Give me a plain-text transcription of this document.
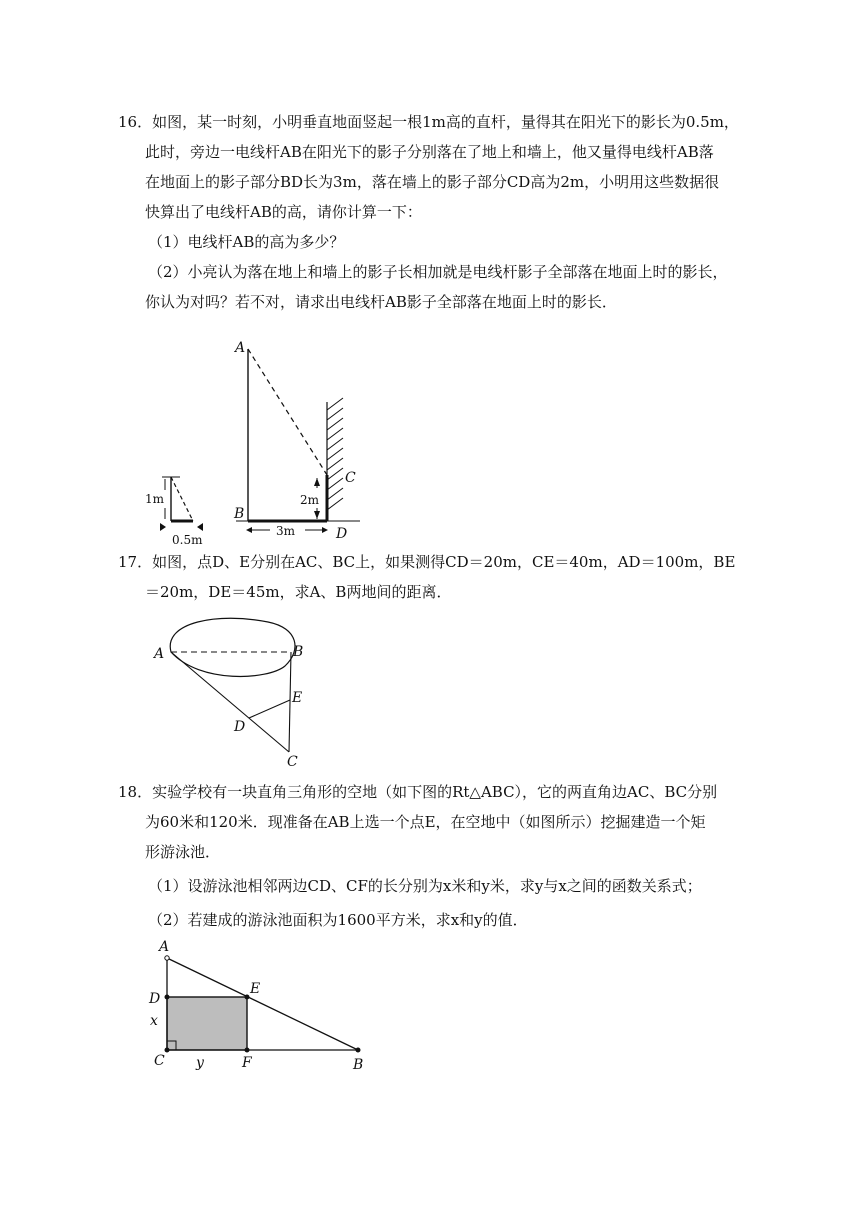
16．如图，某一时刻，小明垂直地面竖起一根1m高的直杆，量得其在阳光下的影长为0.5m，
此时，旁边一电线杆AB在阳光下的影子分别落在了地上和墙上，他又量得电线杆AB落
在地面上的影子部分BD长为3m，落在墙上的影子部分CD高为2m，小明用这些数据很
快算出了电线杆AB的高，请你计算一下：
（1）电线杆AB的高为多少？
（2）小亮认为落在地上和墙上的影子长相加就是电线杆影子全部落在地面上时的影长，
你认为对吗？若不对，请求出电线杆AB影子全部落在地面上时的影长．
1m
0.5m
2m
3m
A
B
C
D
17．如图，点D、E分别在AC、BC上，如果测得CD＝20m，CE＝40m，AD＝100m，BE
＝20m，DE＝45m，求A、B两地间的距离．
A	B
C
D
E
18．实验学校有一块直角三角形的空地（如下图的Rt△ABC），它的两直角边AC、BC分别
为60米和120米．现准备在AB上选一个点E，在空地中（如图所示）挖掘建造一个矩
形游泳池．
（1）设游泳池相邻两边CD、CF的长分别为x米和y米，求y与x之间的函数关系式；
（2）若建成的游泳池面积为1600平方米，求x和y的值．
A
D
E
x
C y	F	B
